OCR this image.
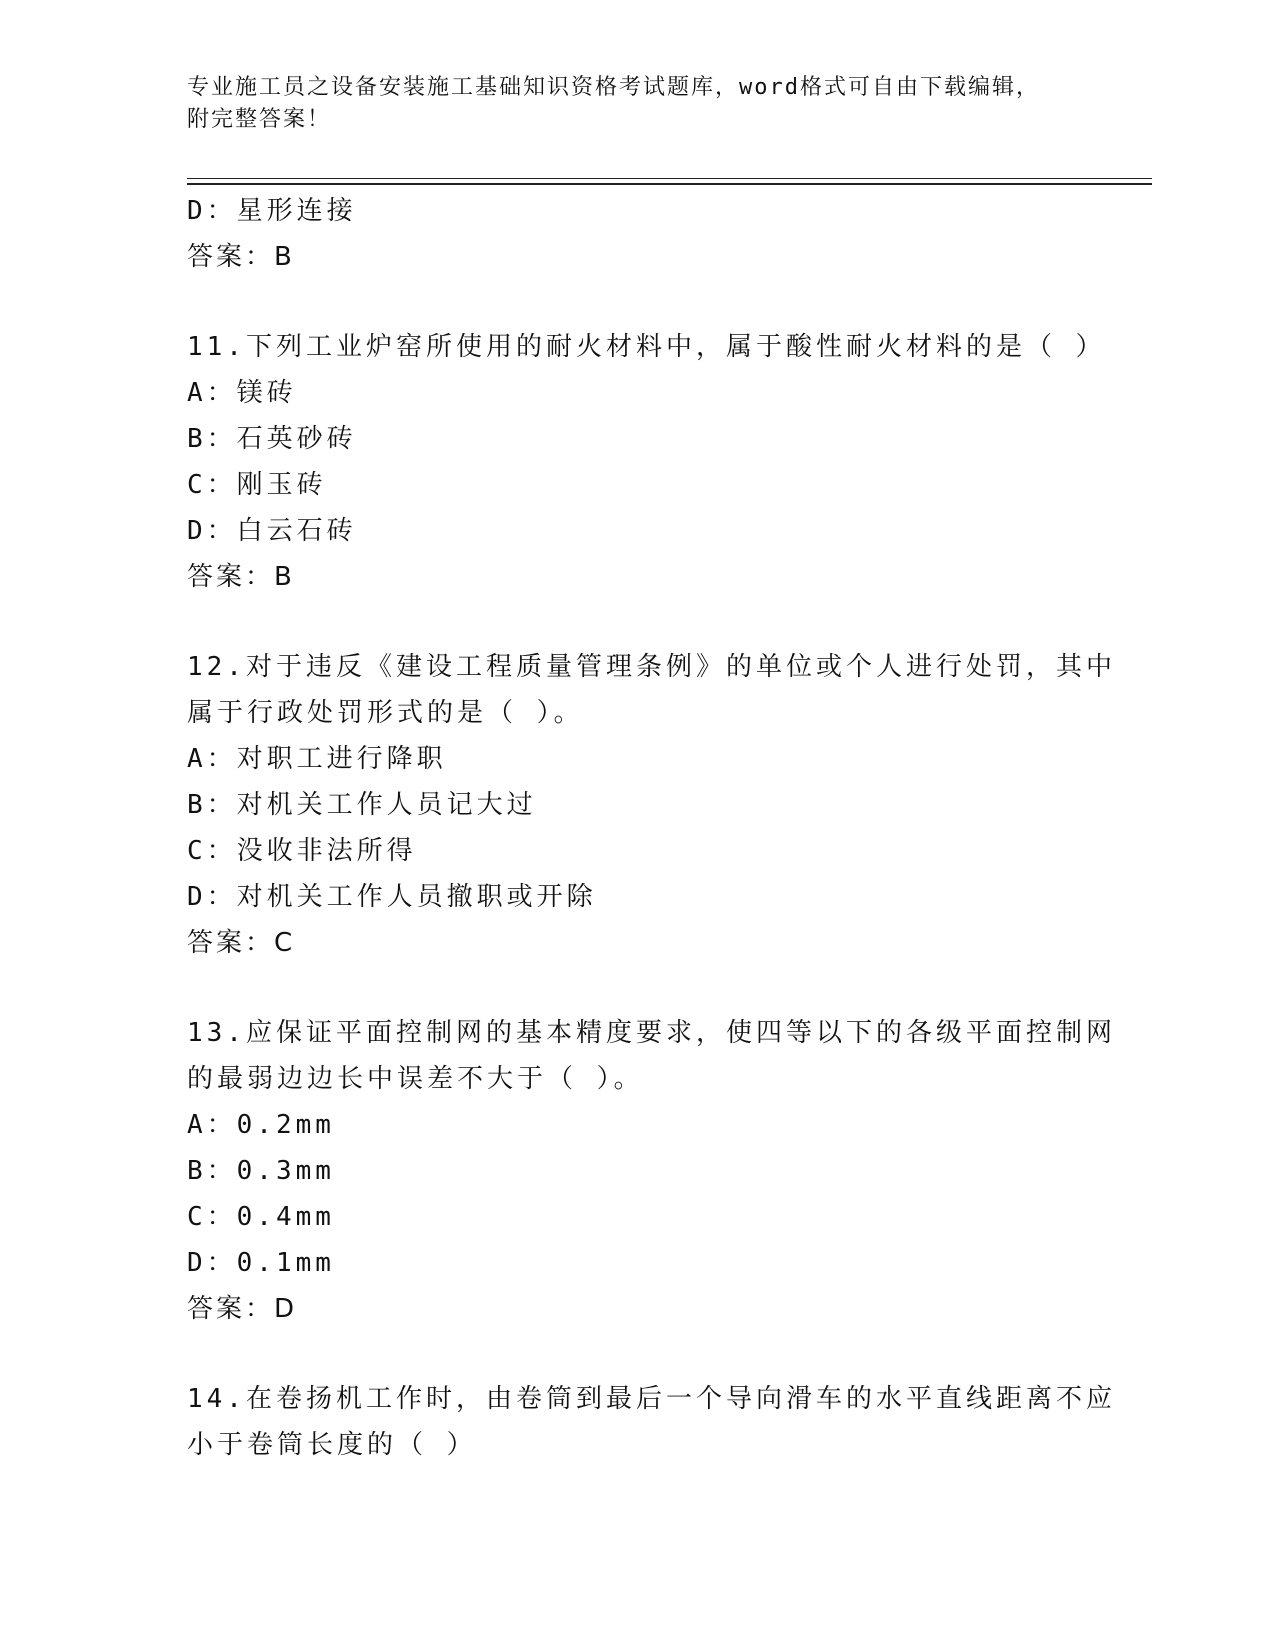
专业施工员之设备安装施工基础知识资格考试题库，word格式可自由下载编辑，
附完整答案！
D：星形连接
答案：B
11.下列工业炉窑所使用的耐火材料中，属于酸性耐火材料的是（ ）
A：镁砖
B：石英砂砖
C：刚玉砖
D：白云石砖
答案：B
12.对于违反《建设工程质量管理条例》的单位或个人进行处罚，其中
属于行政处罚形式的是（ ）。
A：对职工进行降职
B：对机关工作人员记大过
C：没收非法所得
D：对机关工作人员撤职或开除
答案：C
13.应保证平面控制网的基本精度要求，使四等以下的各级平面控制网
的最弱边边长中误差不大于（ ）。
A：0.2mm
B：0.3mm
C：0.4mm
D：0.1mm
答案：D
14.在卷扬机工作时，由卷筒到最后一个导向滑车的水平直线距离不应
小于卷筒长度的（ ）
